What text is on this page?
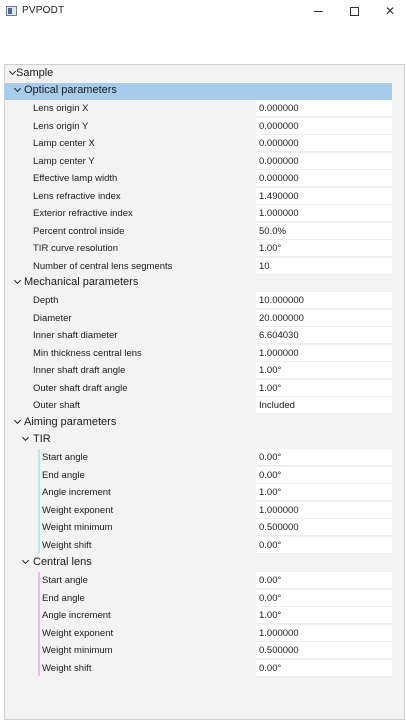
PVPODT	✕
Sample
Optical parameters
Lens origin X	0.000000
Lens origin Y	0.000000
Lamp center X	0.000000
Lamp center Y	0.000000
Effective lamp width	0.000000
Lens refractive index	1.490000
Exterior refractive index	1.000000
Percent control inside	50.0%
TIR curve resolution	1.00°
Number of central lens segments	10
Mechanical parameters
Depth	10.000000
Diameter	20.000000
Inner shaft diameter	6.604030
Min thickness central lens	1.000000
Inner shaft draft angle	1.00°
Outer shaft draft angle	1.00°
Outer shaft	Included
Aiming parameters
TIR
Start angle	0.00°
End angle	0.00°
Angle increment	1.00°
Weight exponent	1.000000
Weight minimum	0.500000
Weight shift	0.00°
Central lens
Start angle	0.00°
End angle	0.00°
Angle increment	1.00°
Weight exponent	1.000000
Weight minimum	0.500000
Weight shift	0.00°
